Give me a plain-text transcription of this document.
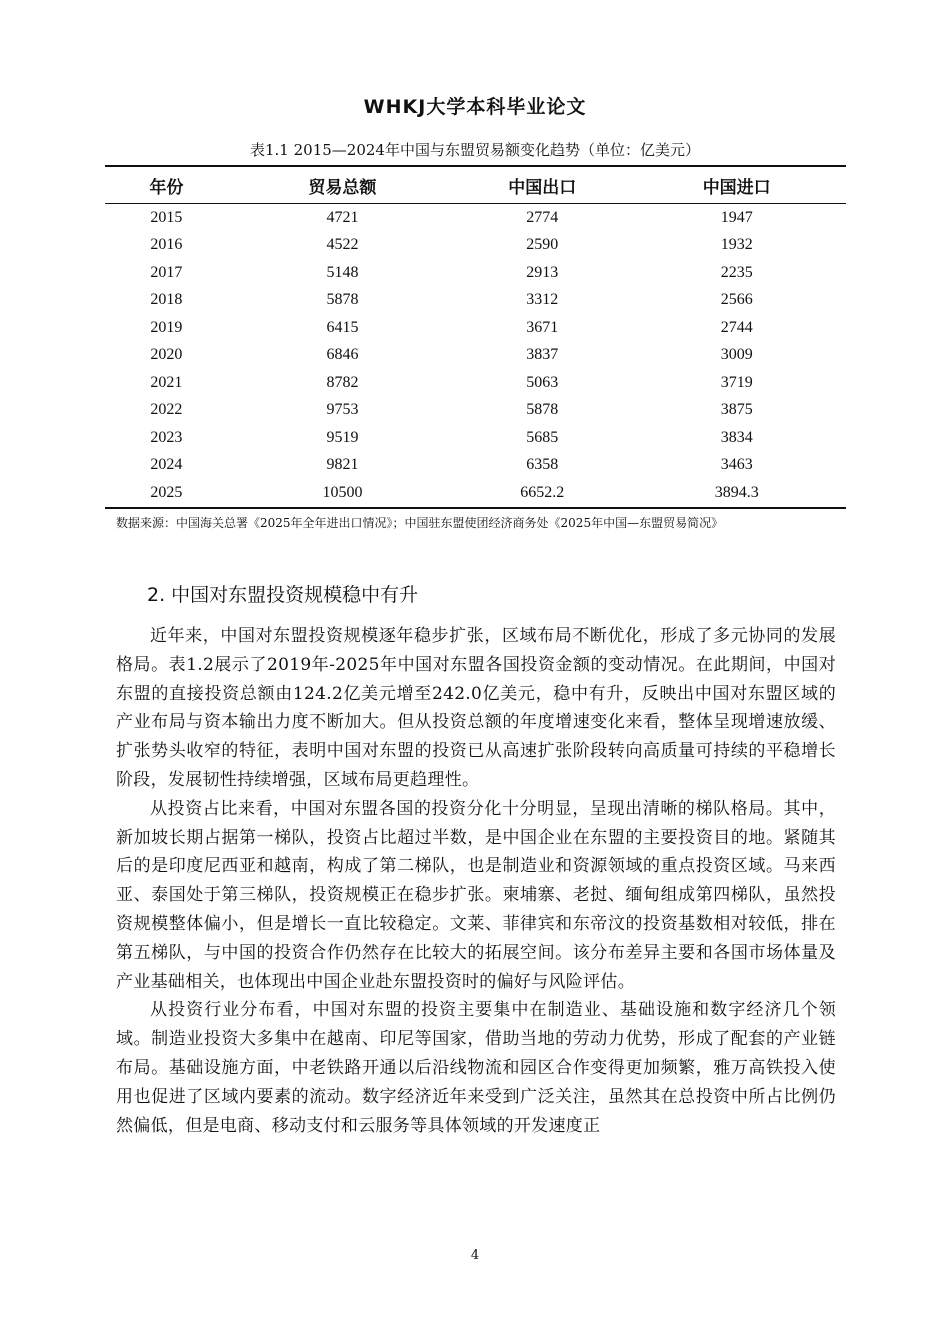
WHKJ大学本科毕业论文
表1.1 2015—2024年中国与东盟贸易额变化趋势（单位：亿美元）
年份	贸易总额	中国出口	中国进口
2015	4721	2774	1947
2016	4522	2590	1932
2017	5148	2913	2235
2018	5878	3312	2566
2019	6415	3671	2744
2020	6846	3837	3009
2021	8782	5063	3719
2022	9753	5878	3875
2023	9519	5685	3834
2024	9821	6358	3463
2025	10500	6652.2	3894.3
数据来源：中国海关总署《2025年全年进出口情况》；中国驻东盟使团经济商务处《2025年中国—东盟贸易简况》
2. 中国对东盟投资规模稳中有升

近年来，中国对东盟投资规模逐年稳步扩张，区域布局不断优化，形成了多元协同的发展格局。表1.2展示了2019年-2025年中国对东盟各国投资金额的变动情况。在此期间，中国对东盟的直接投资总额由124.2亿美元增至242.0亿美元，稳中有升，反映出中国对东盟区域的产业布局与资本输出力度不断加大。但从投资总额的年度增速变化来看，整体呈现增速放缓、扩张势头收窄的特征，表明中国对东盟的投资已从高速扩张阶段转向高质量可持续的平稳增长阶段，发展韧性持续增强，区域布局更趋理性。

从投资占比来看，中国对东盟各国的投资分化十分明显，呈现出清晰的梯队格局。其中，新加坡长期占据第一梯队，投资占比超过半数，是中国企业在东盟的主要投资目的地。紧随其后的是印度尼西亚和越南，构成了第二梯队，也是制造业和资源领域的重点投资区域。马来西亚、泰国处于第三梯队，投资规模正在稳步扩张。柬埔寨、老挝、缅甸组成第四梯队，虽然投资规模整体偏小，但是增长一直比较稳定。文莱、菲律宾和东帝汶的投资基数相对较低，排在第五梯队，与中国的投资合作仍然存在比较大的拓展空间。该分布差异主要和各国市场体量及产业基础相关，也体现出中国企业赴东盟投资时的偏好与风险评估。

从投资行业分布看，中国对东盟的投资主要集中在制造业、基础设施和数字经济几个领域。制造业投资大多集中在越南、印尼等国家，借助当地的劳动力优势，形成了配套的产业链布局。基础设施方面，中老铁路开通以后沿线物流和园区合作变得更加频繁，雅万高铁投入使用也促进了区域内要素的流动。数字经济近年来受到广泛关注，虽然其在总投资中所占比例仍然偏低，但是电商、移动支付和云服务等具体领域的开发速度正

4
